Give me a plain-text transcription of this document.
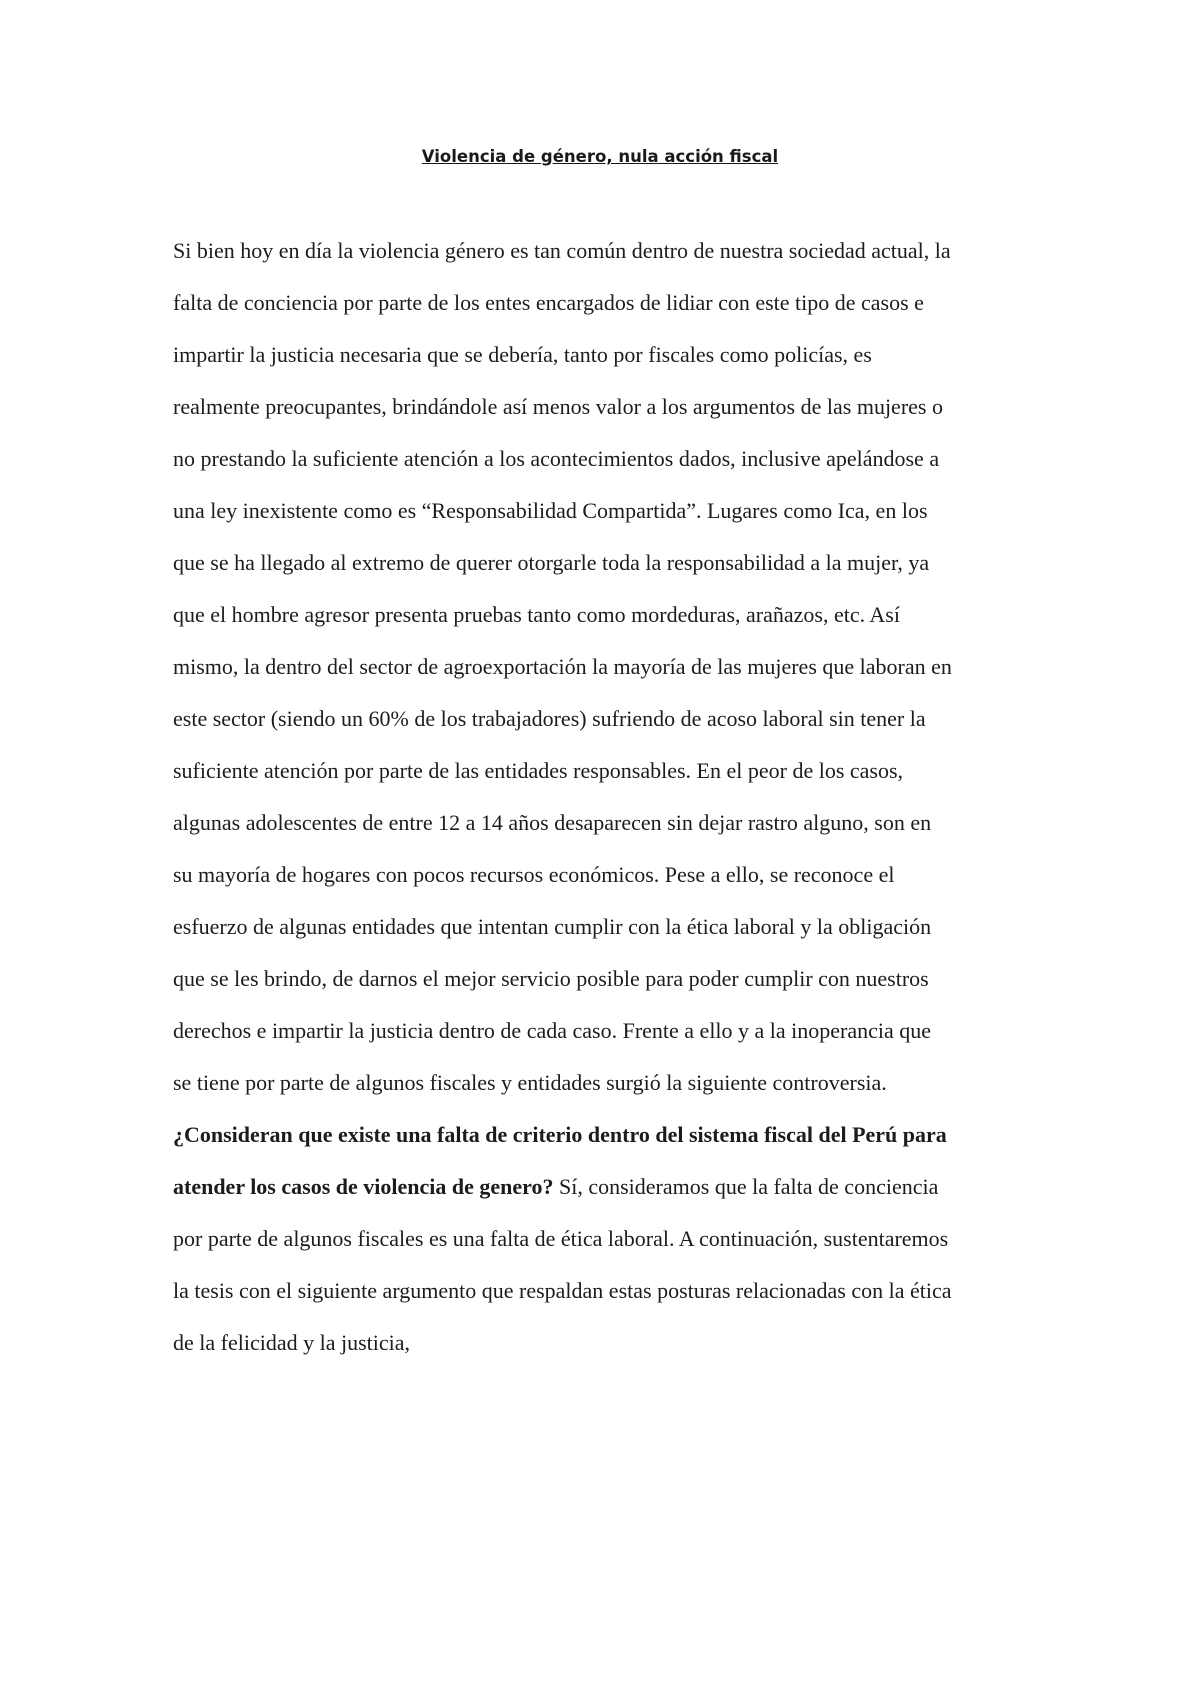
Violencia de género, nula acción fiscal
Si bien hoy en día la violencia género es tan común dentro de nuestra sociedad actual, la
falta de conciencia por parte de los entes encargados de lidiar con este tipo de casos e
impartir la justicia necesaria que se debería, tanto por fiscales como policías, es
realmente preocupantes, brindándole así menos valor a los argumentos de las mujeres o
no prestando la suficiente atención a los acontecimientos dados, inclusive apelándose a
una ley inexistente como es “Responsabilidad Compartida”. Lugares como Ica, en los
que se ha llegado al extremo de querer otorgarle toda la responsabilidad a la mujer, ya
que el hombre agresor presenta pruebas tanto como mordeduras, arañazos, etc. Así
mismo, la dentro del sector de agroexportación la mayoría de las mujeres que laboran en
este sector (siendo un 60% de los trabajadores) sufriendo de acoso laboral sin tener la
suficiente atención por parte de las entidades responsables. En el peor de los casos,
algunas adolescentes de entre 12 a 14 años desaparecen sin dejar rastro alguno, son en
su mayoría de hogares con pocos recursos económicos. Pese a ello, se reconoce el
esfuerzo de algunas entidades que intentan cumplir con la ética laboral y la obligación
que se les brindo, de darnos el mejor servicio posible para poder cumplir con nuestros
derechos e impartir la justicia dentro de cada caso. Frente a ello y a la inoperancia que
se tiene por parte de algunos fiscales y entidades surgió la siguiente controversia.
¿Consideran que existe una falta de criterio dentro del sistema fiscal del Perú para
atender los casos de violencia de genero? Sí, consideramos que la falta de conciencia
por parte de algunos fiscales es una falta de ética laboral. A continuación, sustentaremos
la tesis con el siguiente argumento que respaldan estas posturas relacionadas con la ética
de la felicidad y la justicia,
